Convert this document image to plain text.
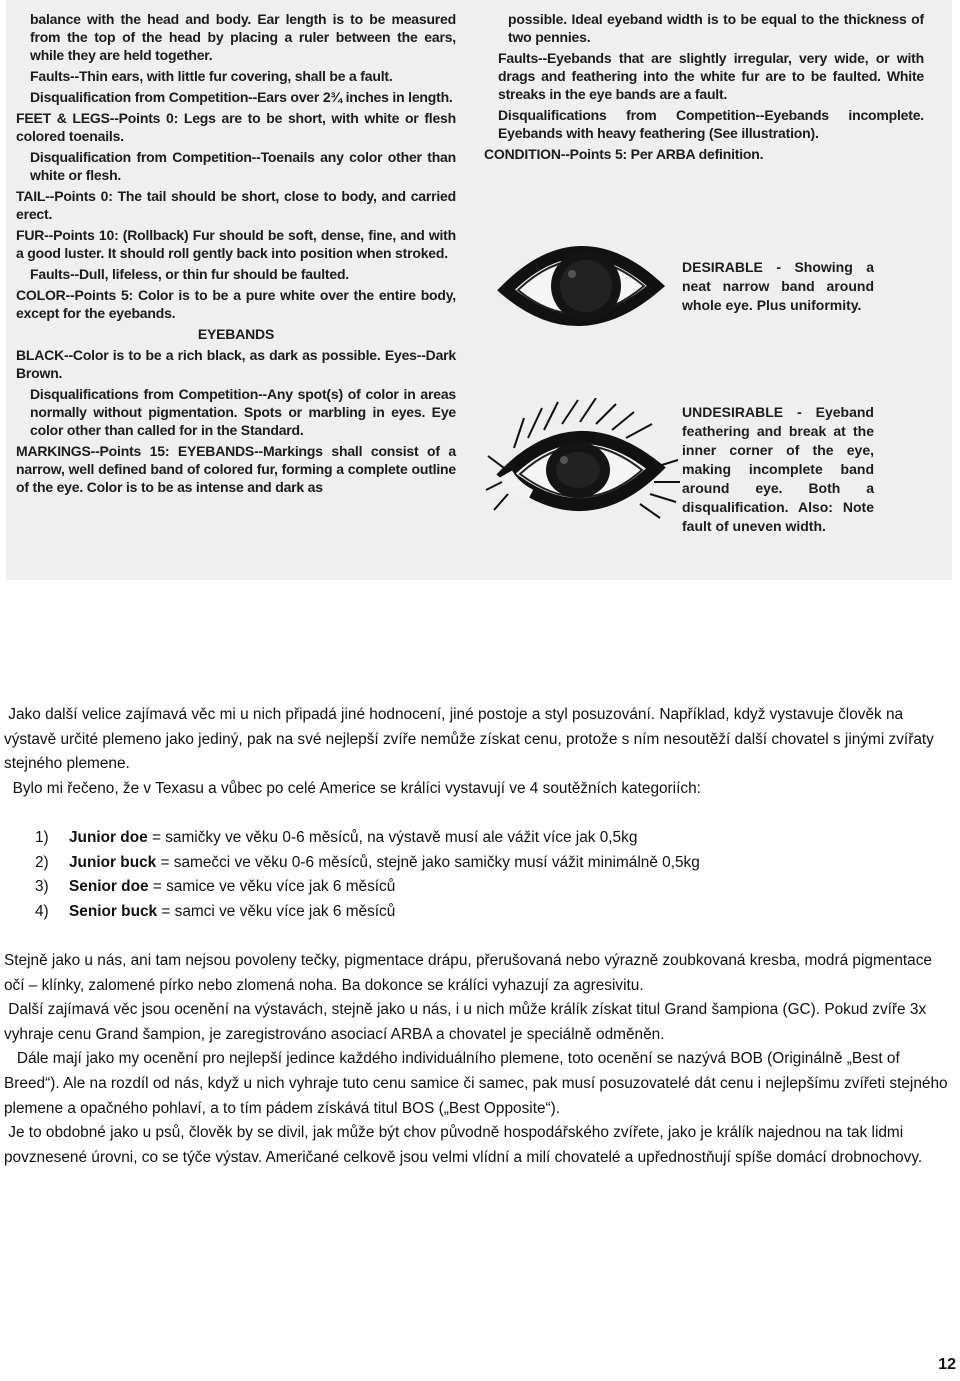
balance with the head and body. Ear length is to be measured from the top of the head by placing a ruler between the ears, while they are held together.

Faults--Thin ears, with little fur covering, shall be a fault.

Disqualification from Competition--Ears over 2¾ inches in length.

FEET & LEGS--Points 0: Legs are to be short, with white or flesh colored toenails.

Disqualification from Competition--Toenails any color other than white or flesh.

TAIL--Points 0: The tail should be short, close to body, and carried erect.

FUR--Points 10: (Rollback) Fur should be soft, dense, fine, and with a good luster. It should roll gently back into position when stroked.

Faults--Dull, lifeless, or thin fur should be faulted.

COLOR--Points 5: Color is to be a pure white over the entire body, except for the eyebands.

EYEBANDS

BLACK--Color is to be a rich black, as dark as possible. Eyes--Dark Brown.

Disqualifications from Competition--Any spot(s) of color in areas normally without pigmentation. Spots or marbling in eyes. Eye color other than called for in the Standard.

MARKINGS--Points 15: EYEBANDS--Markings shall consist of a narrow, well defined band of colored fur, forming a complete outline of the eye. Color is to be as intense and dark as

possible. Ideal eyeband width is to be equal to the thickness of two pennies.

Faults--Eyebands that are slightly irregular, very wide, or with drags and feathering into the white fur are to be faulted. White streaks in the eye bands are a fault.

Disqualifications from Competition--Eyebands incomplete. Eyebands with heavy feathering (See illustration).

CONDITION--Points 5: Per ARBA definition.

DESIRABLE - Showing a neat narrow band around whole eye. Plus uniformity.
UNDESIRABLE - Eyeband feathering and break at the inner corner of the eye, making incomplete band around eye. Both a disqualification. Also: Note fault of uneven width.

Jako další velice zajímavá věc mi u nich připadá jiné hodnocení, jiné postoje a styl posuzování. Například, když vystavuje člověk na výstavě určité plemeno jako jediný, pak na své nejlepší zvíře nemůže získat cenu, protože s ním nesoutěží další chovatel s jinými zvířaty stejného plemene.

Bylo mi řečeno, že v Texasu a vůbec po celé Americe se králíci vystavují ve 4 soutěžních kategoriích:

1) Junior doe = samičky ve věku 0-6 měsíců, na výstavě musí ale vážit více jak 0,5kg
2) Junior buck = samečci ve věku 0-6 měsíců, stejně jako samičky musí vážit minimálně 0,5kg
3) Senior doe = samice ve věku více jak 6 měsíců
4) Senior buck = samci ve věku více jak 6 měsíců

Stejně jako u nás, ani tam nejsou povoleny tečky, pigmentace drápu, přerušovaná nebo výrazně zoubkovaná kresba, modrá pigmentace očí – klínky, zalomené pírko nebo zlomená noha. Ba dokonce se králíci vyhazují za agresivitu.

Další zajímavá věc jsou ocenění na výstavách, stejně jako u nás, i u nich může králík získat titul Grand šampiona (GC). Pokud zvíře 3x vyhraje cenu Grand šampion, je zaregistrováno asociací ARBA a chovatel je speciálně odměněn.

Dále mají jako my ocenění pro nejlepší jedince každého individuálního plemene, toto ocenění se nazývá BOB (Originálně „Best of Breed“). Ale na rozdíl od nás, když u nich vyhraje tuto cenu samice či samec, pak musí posuzovatelé dát cenu i nejlepšímu zvířeti stejného plemene a opačného pohlaví, a to tím pádem získává titul BOS („Best Opposite“).

Je to obdobné jako u psů, člověk by se divil, jak může být chov původně hospodářského zvířete, jako je králík najednou na tak lidmi povznesené úrovni, co se týče výstav. Američané celkově jsou velmi vlídní a milí chovatelé a upřednostňují spíše domácí drobnochovy.

12
